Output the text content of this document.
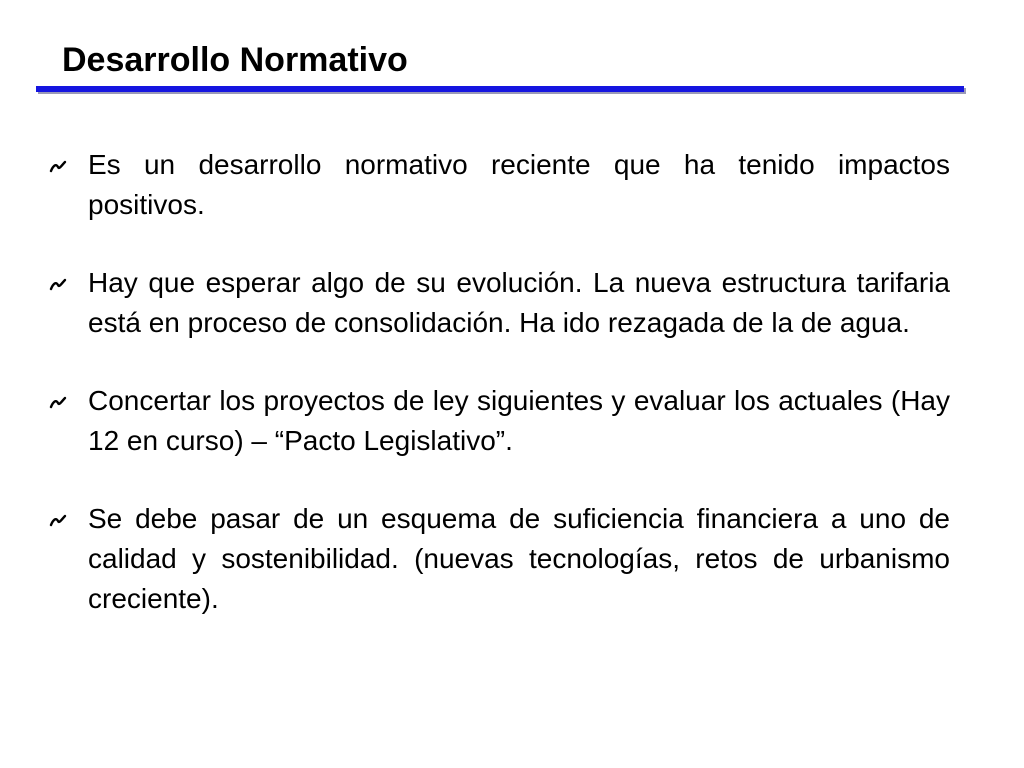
Desarrollo Normativo
Es un desarrollo normativo reciente que ha tenido impactos positivos.
Hay que esperar algo de su evolución. La nueva estructura tarifaria está en proceso de consolidación. Ha ido rezagada de la de agua.
Concertar los proyectos de ley siguientes y evaluar los actuales (Hay 12 en curso) – “Pacto Legislativo”.
Se debe pasar de un esquema de suficiencia financiera a uno de calidad y sostenibilidad. (nuevas tecnologías, retos de urbanismo creciente).
